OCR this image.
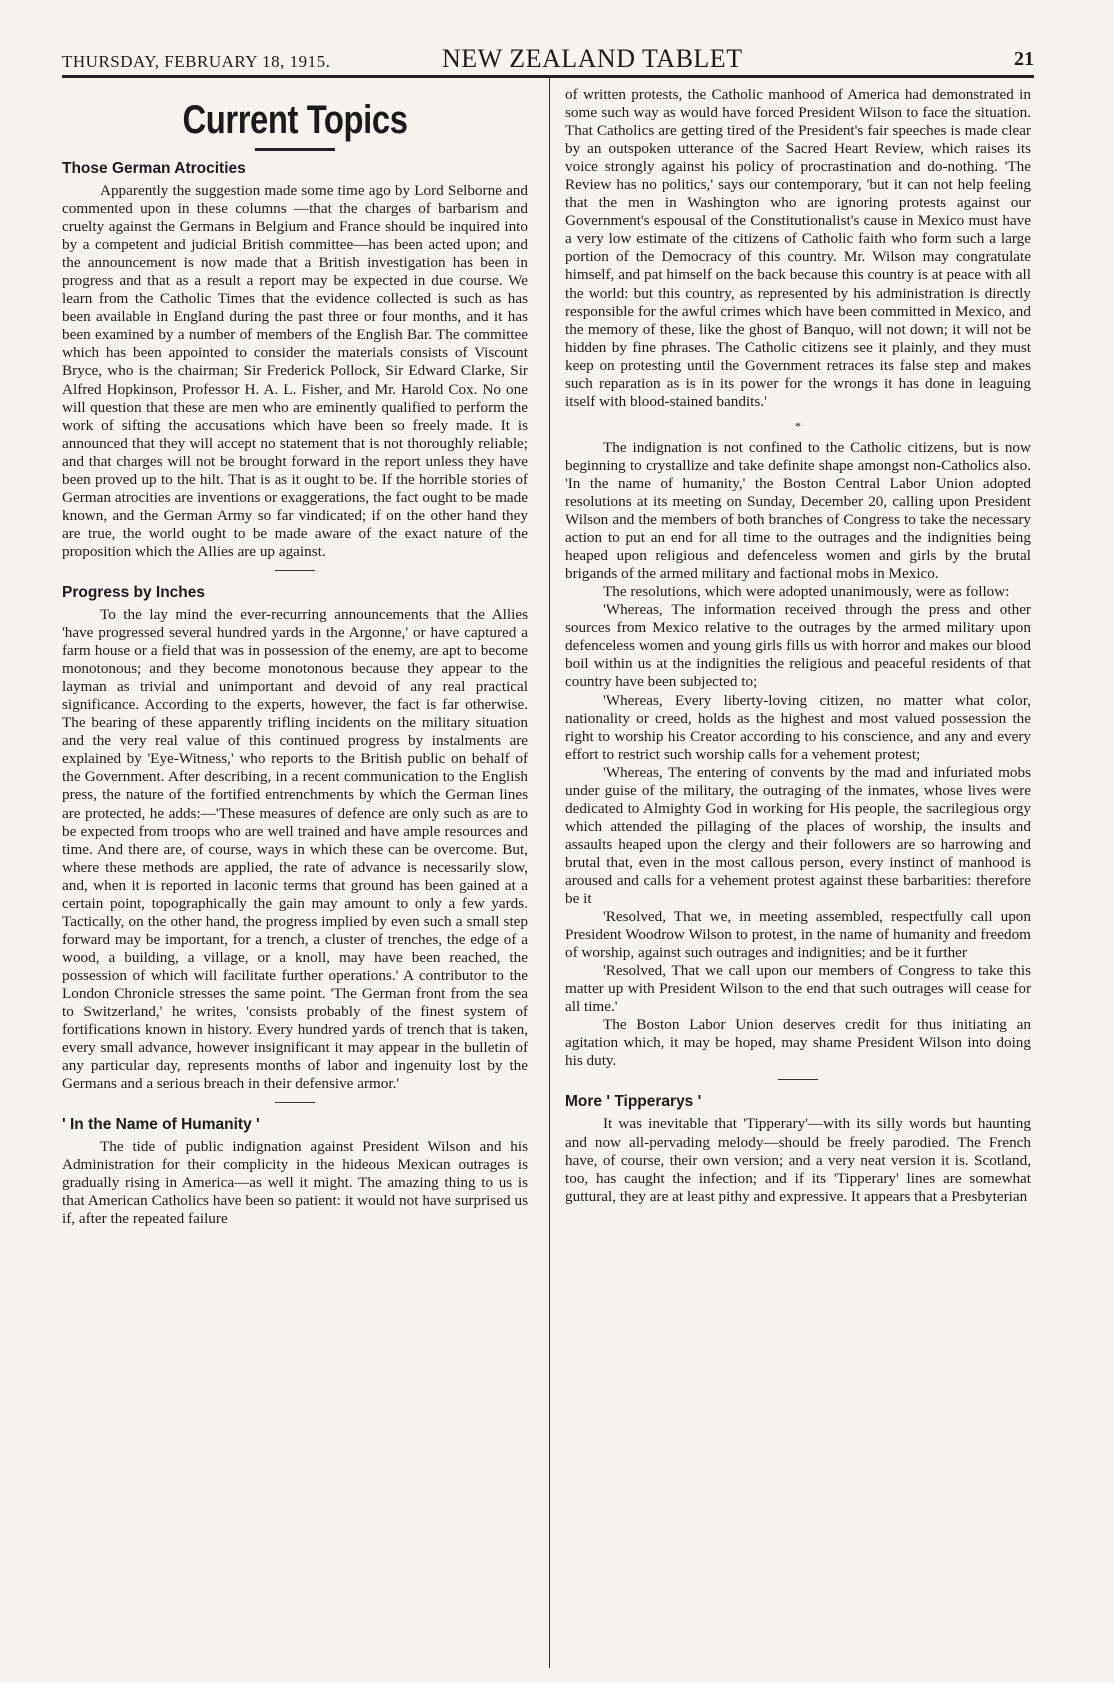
THURSDAY, FEBRUARY 18, 1915.	NEW ZEALAND TABLET	21
Current Topics
Those German Atrocities

Apparently the suggestion made some time ago by Lord Selborne and commented upon in these columns —that the charges of barbarism and cruelty against the Germans in Belgium and France should be inquired into by a competent and judicial British committee—has been acted upon; and the announcement is now made that a British investigation has been in progress and that as a result a report may be expected in due course. We learn from the Catholic Times that the evidence collected is such as has been available in England during the past three or four months, and it has been examined by a number of members of the English Bar. The committee which has been appointed to consider the materials consists of Viscount Bryce, who is the chairman; Sir Frederick Pollock, Sir Edward Clarke, Sir Alfred Hopkinson, Professor H. A. L. Fisher, and Mr. Harold Cox. No one will question that these are men who are eminently qualified to perform the work of sifting the accusations which have been so freely made. It is announced that they will accept no statement that is not thoroughly reliable; and that charges will not be brought forward in the report unless they have been proved up to the hilt. That is as it ought to be. If the horrible stories of German atrocities are inventions or exaggerations, the fact ought to be made known, and the German Army so far vindicated; if on the other hand they are true, the world ought to be made aware of the exact nature of the proposition which the Allies are up against.

Progress by Inches

To the lay mind the ever-recurring announcements that the Allies 'have progressed several hundred yards in the Argonne,' or have captured a farm house or a field that was in possession of the enemy, are apt to become monotonous; and they become monotonous because they appear to the layman as trivial and unimportant and devoid of any real practical significance. According to the experts, however, the fact is far otherwise. The bearing of these apparently trifling incidents on the military situation and the very real value of this continued progress by instalments are explained by 'Eye-Witness,' who reports to the British public on behalf of the Government. After describing, in a recent communication to the English press, the nature of the fortified entrenchments by which the German lines are protected, he adds:—'These measures of defence are only such as are to be expected from troops who are well trained and have ample resources and time. And there are, of course, ways in which these can be overcome. But, where these methods are applied, the rate of advance is necessarily slow, and, when it is reported in laconic terms that ground has been gained at a certain point, topographically the gain may amount to only a few yards. Tactically, on the other hand, the progress implied by even such a small step forward may be important, for a trench, a cluster of trenches, the edge of a wood, a building, a village, or a knoll, may have been reached, the possession of which will facilitate further operations.' A contributor to the London Chronicle stresses the same point. 'The German front from the sea to Switzerland,' he writes, 'consists probably of the finest system of fortifications known in history. Every hundred yards of trench that is taken, every small advance, however insignificant it may appear in the bulletin of any particular day, represents months of labor and ingenuity lost by the Germans and a serious breach in their defensive armor.'

' In the Name of Humanity '

The tide of public indignation against President Wilson and his Administration for their complicity in the hideous Mexican outrages is gradually rising in America—as well it might. The amazing thing to us is that American Catholics have been so patient: it would not have surprised us if, after the repeated failure

of written protests, the Catholic manhood of America had demonstrated in some such way as would have forced President Wilson to face the situation. That Catholics are getting tired of the President's fair speeches is made clear by an outspoken utterance of the Sacred Heart Review, which raises its voice strongly against his policy of procrastination and do-nothing. 'The Review has no politics,' says our contemporary, 'but it can not help feeling that the men in Washington who are ignoring protests against our Government's espousal of the Constitutionalist's cause in Mexico must have a very low estimate of the citizens of Catholic faith who form such a large portion of the Democracy of this country. Mr. Wilson may congratulate himself, and pat himself on the back because this country is at peace with all the world: but this country, as represented by his administration is directly responsible for the awful crimes which have been committed in Mexico, and the memory of these, like the ghost of Banquo, will not down; it will not be hidden by fine phrases. The Catholic citizens see it plainly, and they must keep on protesting until the Government retraces its false step and makes such reparation as is in its power for the wrongs it has done in leaguing itself with blood-stained bandits.'

*

The indignation is not confined to the Catholic citizens, but is now beginning to crystallize and take definite shape amongst non-Catholics also. 'In the name of humanity,' the Boston Central Labor Union adopted resolutions at its meeting on Sunday, December 20, calling upon President Wilson and the members of both branches of Congress to take the necessary action to put an end for all time to the outrages and the indignities being heaped upon religious and defenceless women and girls by the brutal brigands of the armed military and factional mobs in Mexico.

The resolutions, which were adopted unanimously, were as follow:

'Whereas, The information received through the press and other sources from Mexico relative to the outrages by the armed military upon defenceless women and young girls fills us with horror and makes our blood boil within us at the indignities the religious and peaceful residents of that country have been subjected to;

'Whereas, Every liberty-loving citizen, no matter what color, nationality or creed, holds as the highest and most valued possession the right to worship his Creator according to his conscience, and any and every effort to restrict such worship calls for a vehement protest;

'Whereas, The entering of convents by the mad and infuriated mobs under guise of the military, the outraging of the inmates, whose lives were dedicated to Almighty God in working for His people, the sacrilegious orgy which attended the pillaging of the places of worship, the insults and assaults heaped upon the clergy and their followers are so harrowing and brutal that, even in the most callous person, every instinct of manhood is aroused and calls for a vehement protest against these barbarities: therefore be it

'Resolved, That we, in meeting assembled, respectfully call upon President Woodrow Wilson to protest, in the name of humanity and freedom of worship, against such outrages and indignities; and be it further

'Resolved, That we call upon our members of Congress to take this matter up with President Wilson to the end that such outrages will cease for all time.'

The Boston Labor Union deserves credit for thus initiating an agitation which, it may be hoped, may shame President Wilson into doing his duty.

More ' Tipperarys '

It was inevitable that 'Tipperary'—with its silly words but haunting and now all-pervading melody—should be freely parodied. The French have, of course, their own version; and a very neat version it is. Scotland, too, has caught the infection; and if its 'Tipperary' lines are somewhat guttural, they are at least pithy and expressive. It appears that a Presbyterian
